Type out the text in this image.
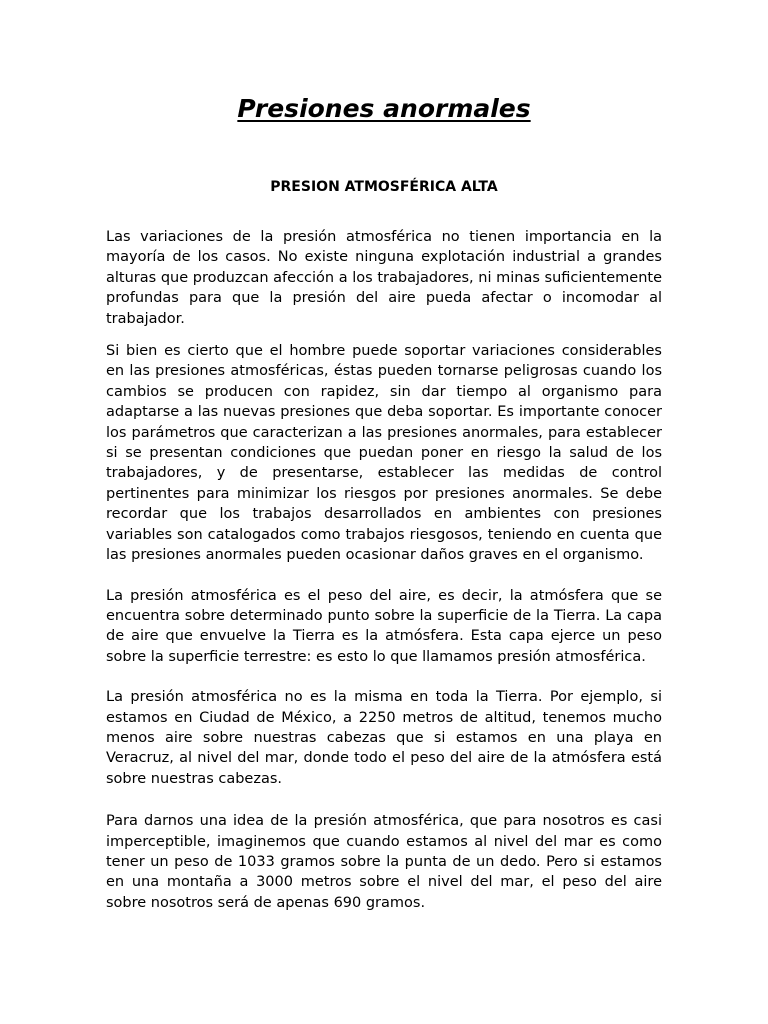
Presiones anormales
PRESION ATMOSFÉRICA ALTA

Las variaciones de la presión atmosférica no tienen importancia en la mayoría de los casos. No existe ninguna explotación industrial a grandes alturas que produzcan afección a los trabajadores, ni minas suficientemente profundas para que la presión del aire pueda afectar o incomodar al trabajador.

Si bien es cierto que el hombre puede soportar variaciones considerables en las presiones atmosféricas, éstas pueden tornarse peligrosas cuando los cambios se producen con rapidez, sin dar tiempo al organismo para adaptarse a las nuevas presiones que deba soportar. Es importante conocer los parámetros que caracterizan a las presiones anormales, para establecer si se presentan condiciones que puedan poner en riesgo la salud de los trabajadores, y de presentarse, establecer las medidas de control pertinentes para minimizar los riesgos por presiones anormales. Se debe recordar que los trabajos desarrollados en ambientes con presiones variables son catalogados como trabajos riesgosos, teniendo en cuenta que las presiones anormales pueden ocasionar daños graves en el organismo.

La presión atmosférica es el peso del aire, es decir, la atmósfera que se encuentra sobre determinado punto sobre la superficie de la Tierra. La capa de aire que envuelve la Tierra es la atmósfera. Esta capa ejerce un peso sobre la superficie terrestre: es esto lo que llamamos presión atmosférica.

La presión atmosférica no es la misma en toda la Tierra. Por ejemplo, si estamos en Ciudad de México, a 2250 metros de altitud, tenemos mucho menos aire sobre nuestras cabezas que si estamos en una playa en Veracruz, al nivel del mar, donde todo el peso del aire de la atmósfera está sobre nuestras cabezas.

Para darnos una idea de la presión atmosférica, que para nosotros es casi imperceptible, imaginemos que cuando estamos al nivel del mar es como tener un peso de 1033 gramos sobre la punta de un dedo. Pero si estamos en una montaña a 3000 metros sobre el nivel del mar, el peso del aire sobre nosotros será de apenas 690 gramos.
